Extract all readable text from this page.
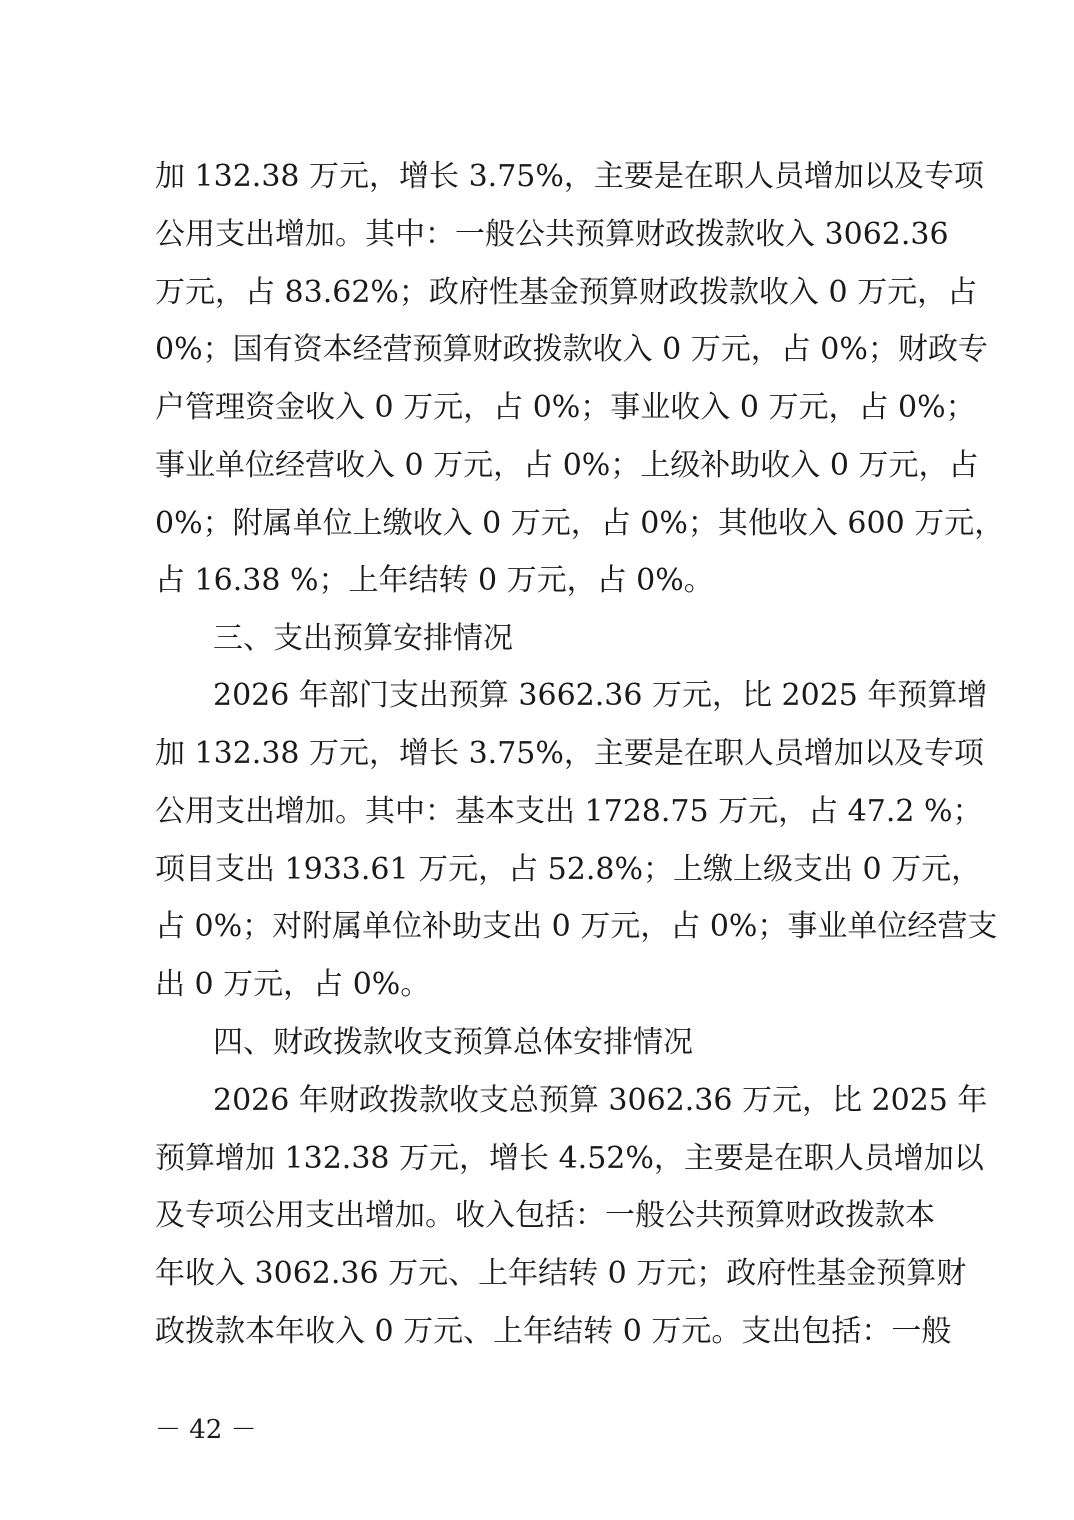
加 132.38 万元，增长 3.75%，主要是在职人员增加以及专项
公用支出增加。其中：一般公共预算财政拨款收入 3062.36
万元，占 83.62%；政府性基金预算财政拨款收入 0 万元，占
0%；国有资本经营预算财政拨款收入 0 万元，占 0%；财政专
户管理资金收入 0 万元，占 0%；事业收入 0 万元，占 0%；
事业单位经营收入 0 万元，占 0%；上级补助收入 0 万元，占
0%；附属单位上缴收入 0 万元，占 0%；其他收入 600 万元，
占 16.38 %；上年结转 0 万元，占 0%。
三、支出预算安排情况
2026 年部门支出预算 3662.36 万元，比 2025 年预算增
加 132.38 万元，增长 3.75%，主要是在职人员增加以及专项
公用支出增加。其中：基本支出 1728.75 万元，占 47.2 %；
项目支出 1933.61 万元，占 52.8%；上缴上级支出 0 万元，
占 0%；对附属单位补助支出 0 万元，占 0%；事业单位经营支
出 0 万元，占 0%。
四、财政拨款收支预算总体安排情况
2026 年财政拨款收支总预算 3062.36 万元，比 2025 年
预算增加 132.38 万元，增长 4.52%，主要是在职人员增加以
及专项公用支出增加。收入包括：一般公共预算财政拨款本
年收入 3062.36 万元、上年结转 0 万元；政府性基金预算财
政拨款本年收入 0 万元、上年结转 0 万元。支出包括：一般
－ 42 －
